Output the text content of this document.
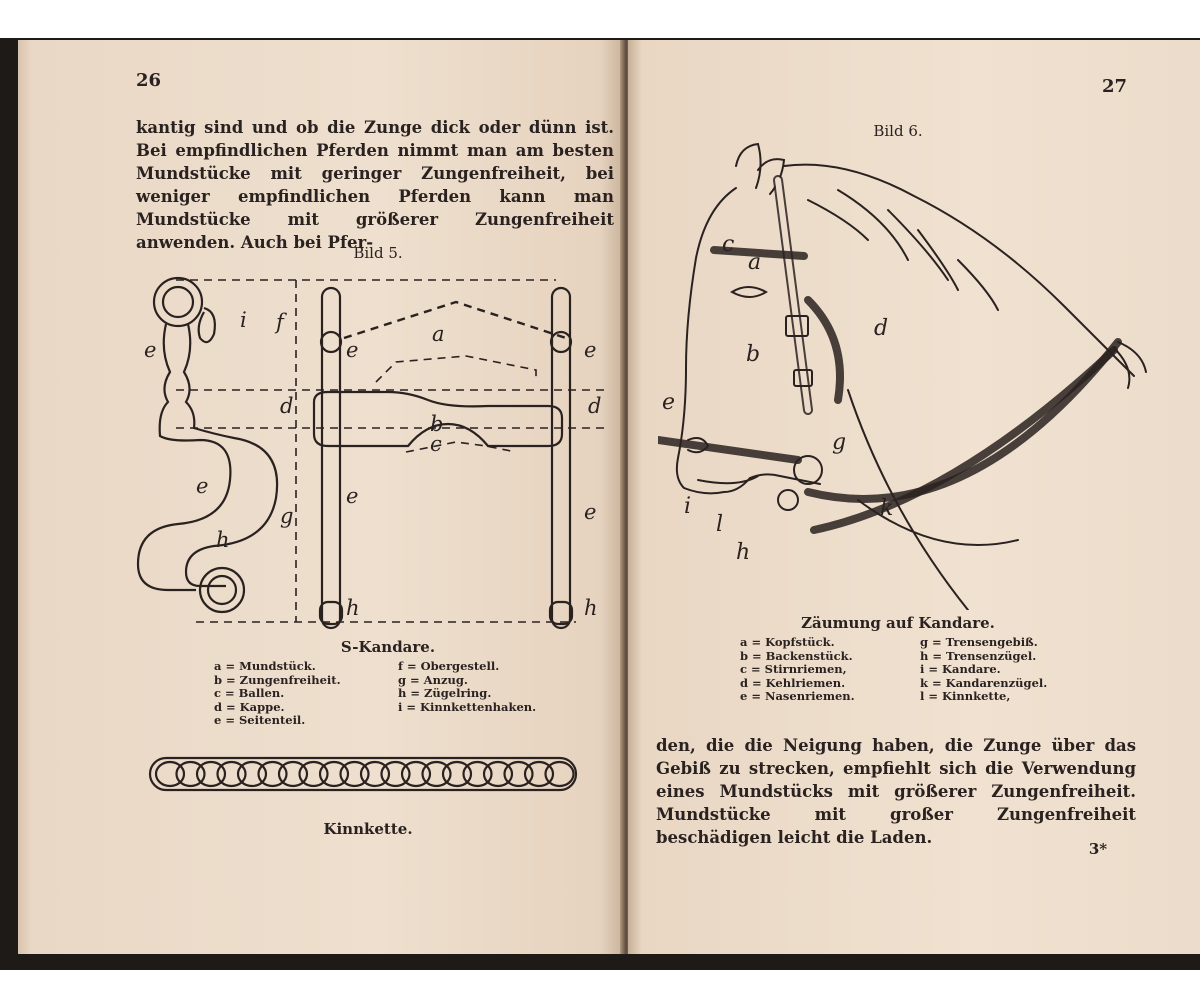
26
kantig sind und ob die Zunge dick oder dünn ist. Bei empfindlichen Pferden nimmt man am besten Mundstücke mit geringer Zungenfreiheit, bei weniger empfindlichen Pferden kann man Mundstücke mit größerer Zungenfreiheit anwenden. Auch bei Pfer-
Bild 5.
i
e
f
e
a
e
d	d
b
c
e	e
g	e
h
h	h
S-Kandare.
a = Mundstück.
b = Zungenfreiheit.
c = Ballen.
d = Kappe.
e = Seitenteil.
f = Obergestell.
g = Anzug.
h = Zügelring.
i = Kinnkettenhaken.
Kinnkette.
27
Bild 6.
c
a
d
b
e
g
i
l
k
h
Zäumung auf Kandare.
a = Kopfstück.
b = Backenstück.
c = Stirnriemen,
d = Kehlriemen.
e = Nasenriemen.
g = Trensengebiß.
h = Trensenzügel.
i = Kandare.
k = Kandarenzügel.
l = Kinnkette,
den, die die Neigung haben, die Zunge über das Gebiß zu strecken, empfiehlt sich die Verwendung eines Mundstücks mit größerer Zungenfreiheit. Mundstücke mit großer Zungenfreiheit beschädigen leicht die Laden.
3*
